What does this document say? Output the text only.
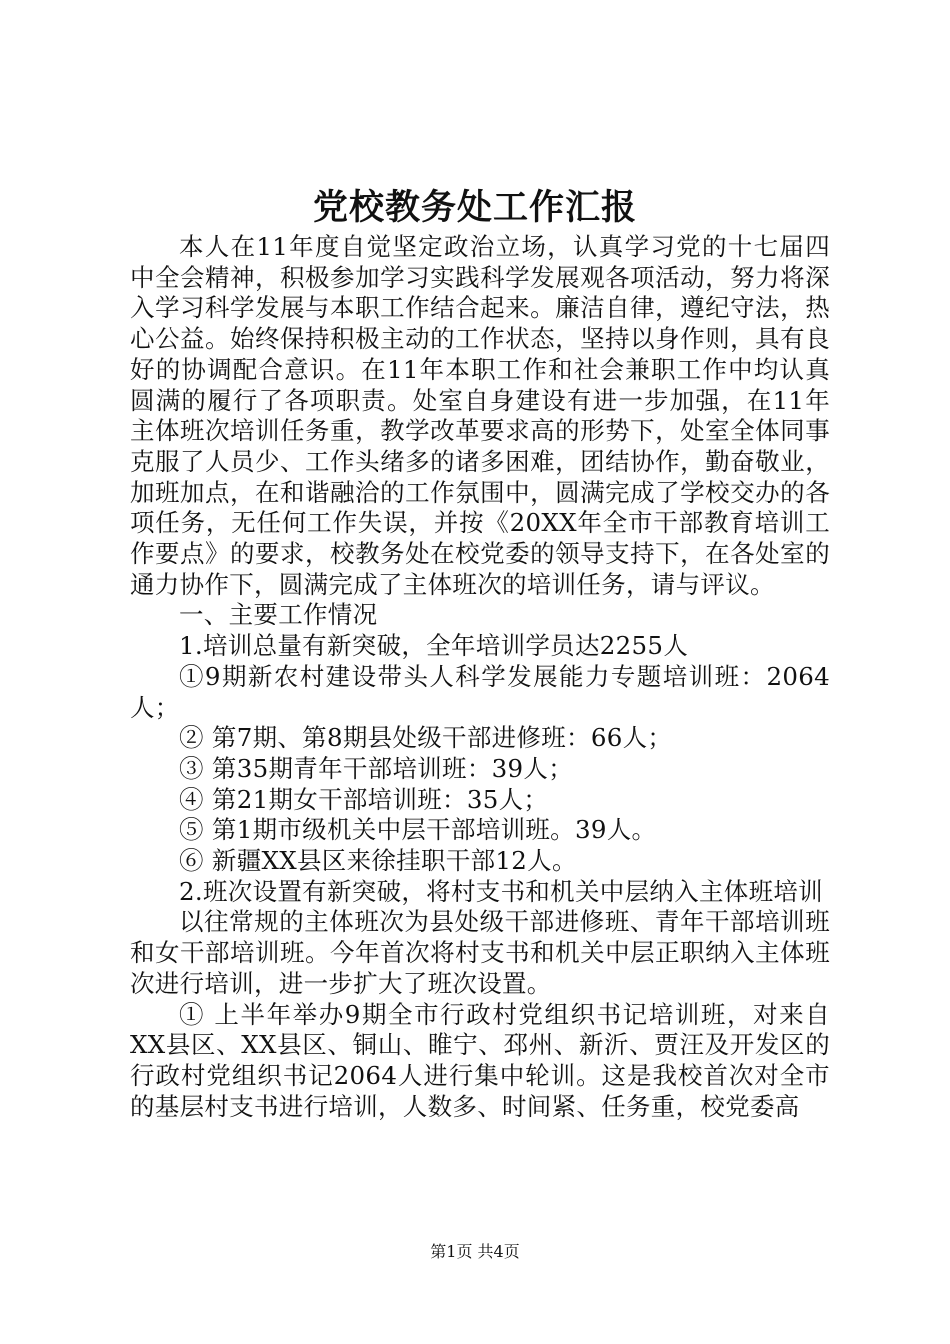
党校教务处工作汇报

本人在11年度自觉坚定政治立场，认真学习党的十七届四中全会精神，积极参加学习实践科学发展观各项活动，努力将深入学习科学发展与本职工作结合起来。廉洁自律，遵纪守法，热心公益。始终保持积极主动的工作状态，坚持以身作则，具有良好的协调配合意识。在11年本职工作和社会兼职工作中均认真圆满的履行了各项职责。处室自身建设有进一步加强，在11年主体班次培训任务重，教学改革要求高的形势下，处室全体同事克服了人员少、工作头绪多的诸多困难，团结协作，勤奋敬业，加班加点，在和谐融洽的工作氛围中，圆满完成了学校交办的各项任务，无任何工作失误，并按《20XX年全市干部教育培训工作要点》的要求，校教务处在校党委的领导支持下，在各处室的通力协作下，圆满完成了主体班次的培训任务，请与评议。

一、主要工作情况

1.培训总量有新突破，全年培训学员达2255人

①9期新农村建设带头人科学发展能力专题培训班：2064人；

② 第7期、第8期县处级干部进修班：66人；

③ 第35期青年干部培训班：39人；

④ 第21期女干部培训班：35人；

⑤ 第1期市级机关中层干部培训班。39人。

⑥ 新疆XX县区来徐挂职干部12人。

2.班次设置有新突破，将村支书和机关中层纳入主体班培训

以往常规的主体班次为县处级干部进修班、青年干部培训班和女干部培训班。今年首次将村支书和机关中层正职纳入主体班次进行培训，进一步扩大了班次设置。

① 上半年举办9期全市行政村党组织书记培训班，对来自XX县区、XX县区、铜山、睢宁、邳州、新沂、贾汪及开发区的行政村党组织书记2064人进行集中轮训。这是我校首次对全市的基层村支书进行培训，人数多、时间紧、任务重，校党委高

第1页 共4页
